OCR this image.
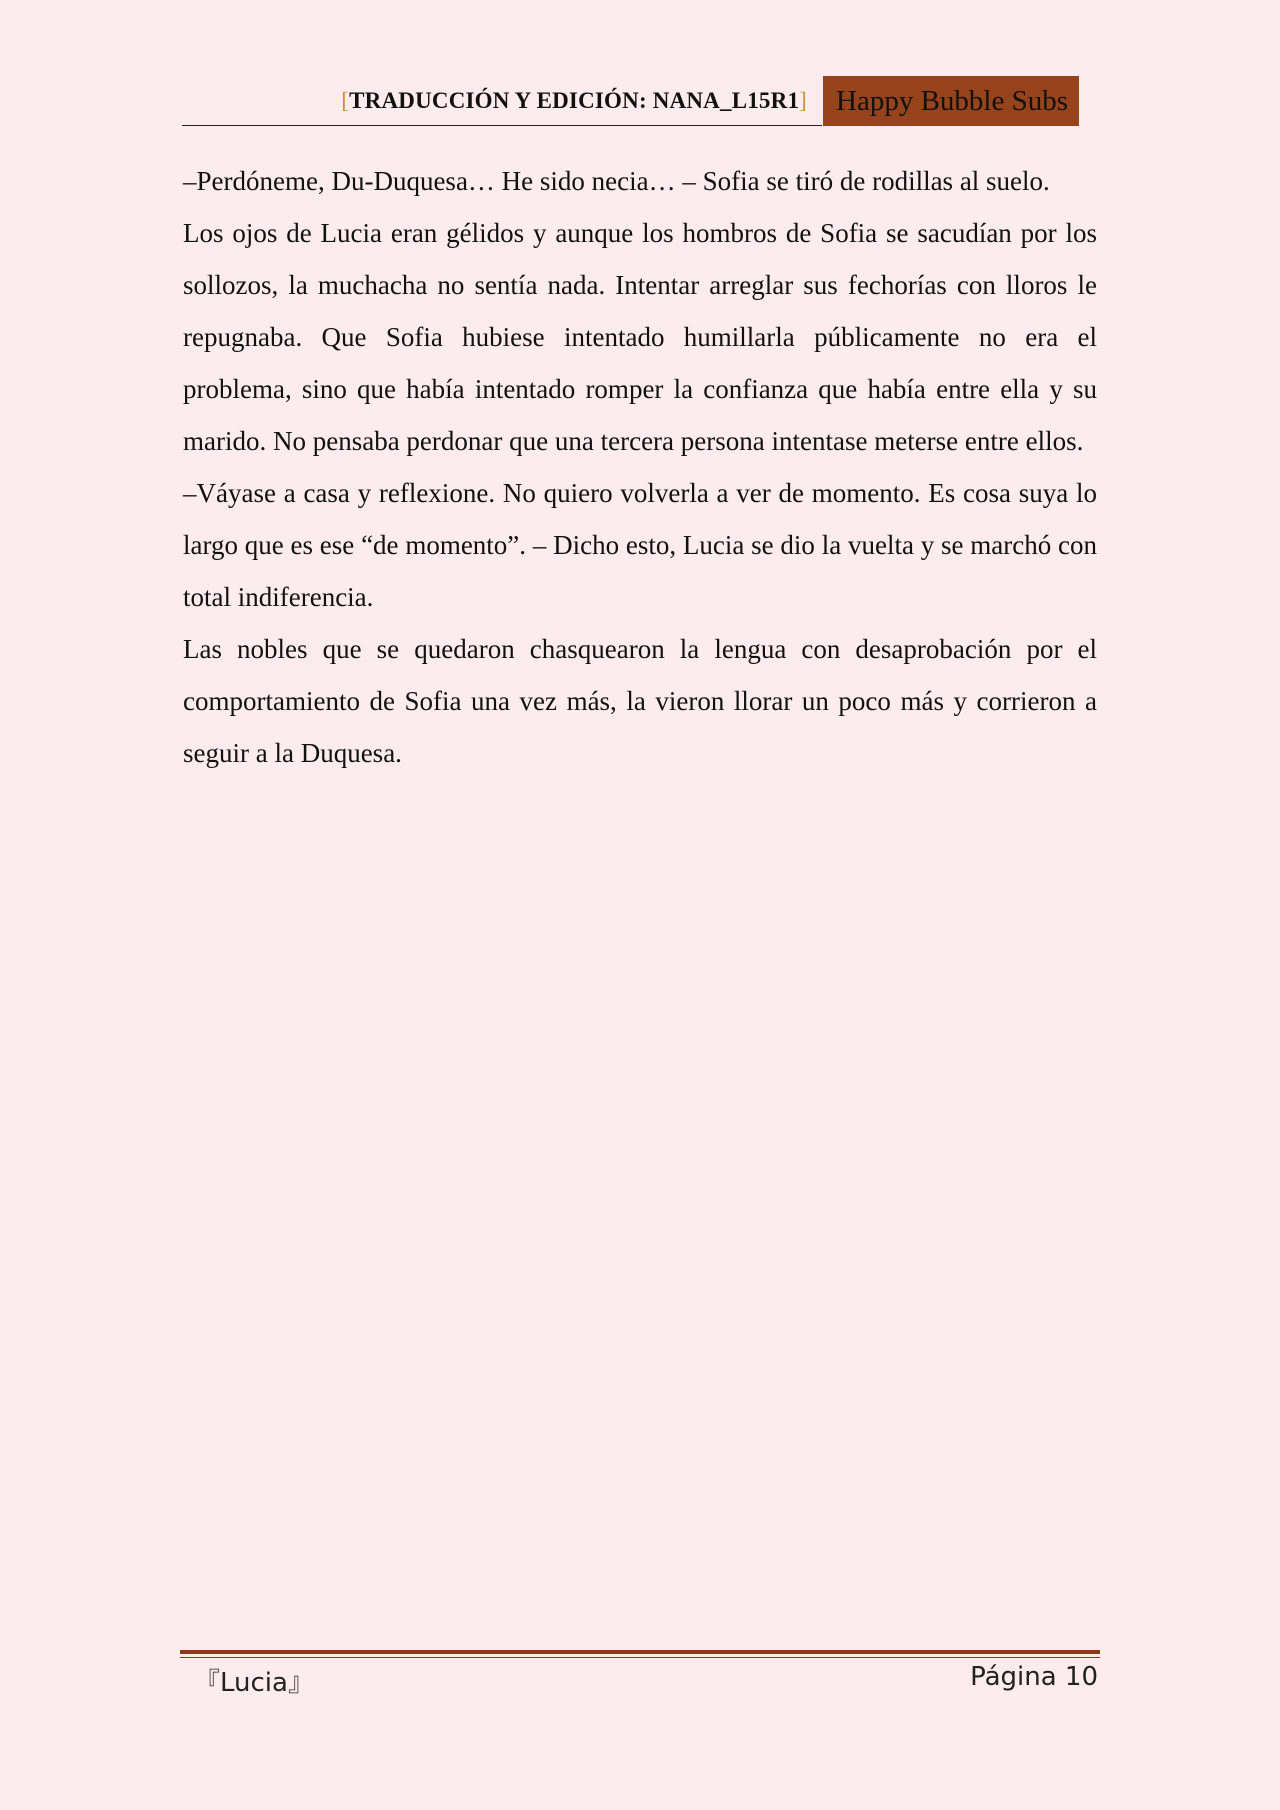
[TRADUCCIÓN Y EDICIÓN: NANA_L15R1]	Happy Bubble Subs

–Perdóneme, Du-Duquesa… He sido necia… – Sofia se tiró de rodillas al suelo.

Los ojos de Lucia eran gélidos y aunque los hombros de Sofia se sacudían por los sollozos, la muchacha no sentía nada. Intentar arreglar sus fechorías con lloros le repugnaba. Que Sofia hubiese intentado humillarla públicamente no era el problema, sino que había intentado romper la confianza que había entre ella y su marido. No pensaba perdonar que una tercera persona intentase meterse entre ellos.

–Váyase a casa y reflexione. No quiero volverla a ver de momento. Es cosa suya lo largo que es ese “de momento”. – Dicho esto, Lucia se dio la vuelta y se marchó con total indiferencia.

Las nobles que se quedaron chasquearon la lengua con desaprobación por el comportamiento de Sofia una vez más, la vieron llorar un poco más y corrieron a seguir a la Duquesa.

『Lucia』	Página 10
